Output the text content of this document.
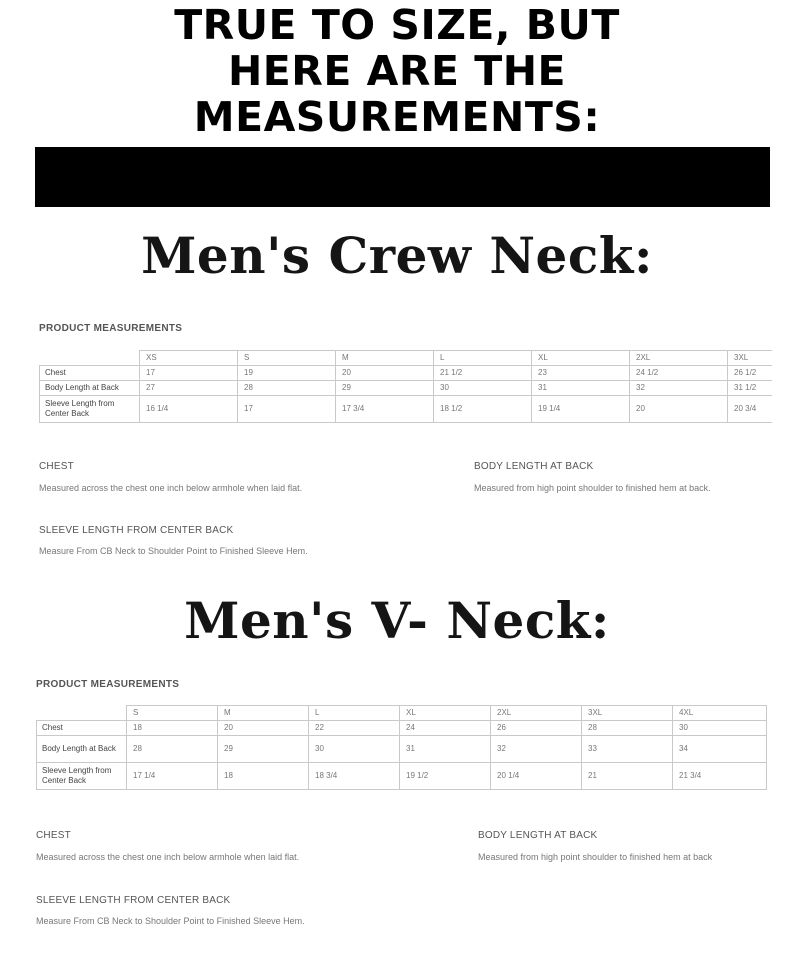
TRUE TO SIZE, BUT
HERE ARE THE
MEASUREMENTS:
Men's Crew Neck:
PRODUCT MEASUREMENTS
	XS	S	M	L	XL	2XL	3XL
Chest	17	19	20	21 1/2	23	24 1/2	26 1/2
Body Length at Back	27	28	29	30	31	32	31 1/2
Sleeve Length from Center Back	16 1/4	17	17 3/4	18 1/2	19 1/4	20	20 3/4
CHEST
Measured across the chest one inch below armhole when laid flat.
BODY LENGTH AT BACK
Measured from high point shoulder to finished hem at back.
SLEEVE LENGTH FROM CENTER BACK
Measure From CB Neck to Shoulder Point to Finished Sleeve Hem.
Men's V- Neck:
PRODUCT MEASUREMENTS
	S	M	L	XL	2XL	3XL	4XL
Chest	18	20	22	24	26	28	30
Body Length at Back	28	29	30	31	32	33	34
Sleeve Length from Center Back	17 1/4	18	18 3/4	19 1/2	20 1/4	21	21 3/4
CHEST
Measured across the chest one inch below armhole when laid flat.
BODY LENGTH AT BACK
Measured from high point shoulder to finished hem at back
SLEEVE LENGTH FROM CENTER BACK
Measure From CB Neck to Shoulder Point to Finished Sleeve Hem.
